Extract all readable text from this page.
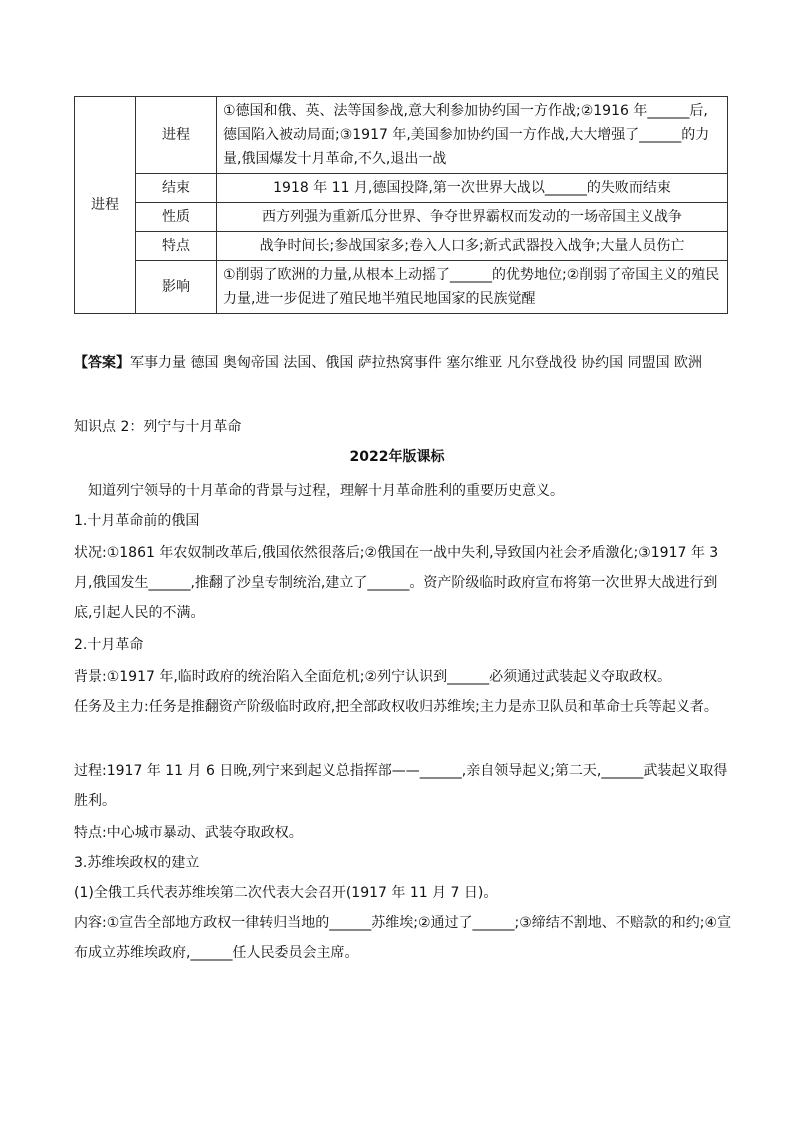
进程	进程	①德国和俄、英、法等国参战,意大利参加协约国一方作战;②1916 年______后,德国陷入被动局面;③1917 年,美国参加协约国一方作战,大大增强了______的力量,俄国爆发十月革命,不久,退出一战
	结束	1918 年 11 月,德国投降,第一次世界大战以______的失败而结束
	性质	西方列强为重新瓜分世界、争夺世界霸权而发动的一场帝国主义战争
	特点	战争时间长;参战国家多;卷入人口多;新式武器投入战争;大量人员伤亡
	影响	①削弱了欧洲的力量,从根本上动摇了______的优势地位;②削弱了帝国主义的殖民力量,进一步促进了殖民地半殖民地国家的民族觉醒
【答案】军事力量 德国 奥匈帝国 法国、俄国 萨拉热窝事件 塞尔维亚 凡尔登战役 协约国 同盟国 欧洲
知识点 2：列宁与十月革命
2022年版课标
知道列宁领导的十月革命的背景与过程，理解十月革命胜利的重要历史意义。
1.十月革命前的俄国
状况:①1861 年农奴制改革后,俄国依然很落后;②俄国在一战中失利,导致国内社会矛盾激化;③1917 年 3 月,俄国发生______,推翻了沙皇专制统治,建立了______。资产阶级临时政府宣布将第一次世界大战进行到底,引起人民的不满。
2.十月革命
背景:①1917 年,临时政府的统治陷入全面危机;②列宁认识到______必须通过武装起义夺取政权。
任务及主力:任务是推翻资产阶级临时政府,把全部政权收归苏维埃;主力是赤卫队员和革命士兵等起义者。
过程:1917 年 11 月 6 日晚,列宁来到起义总指挥部——______,亲自领导起义;第二天,______武装起义取得胜利。
特点:中心城市暴动、武装夺取政权。
3.苏维埃政权的建立
(1)全俄工兵代表苏维埃第二次代表大会召开(1917 年 11 月 7 日)。
内容:①宣告全部地方政权一律转归当地的______苏维埃;②通过了______;③缔结不割地、不赔款的和约;④宣布成立苏维埃政府,______任人民委员会主席。
